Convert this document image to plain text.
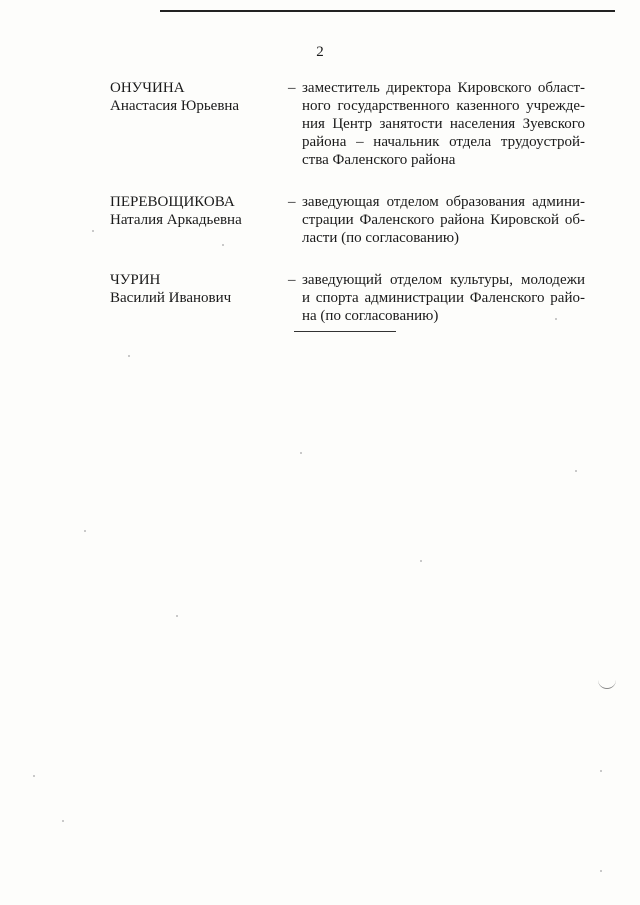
2
ОНУЧИНА
Анастасия Юрьевна
– заместитель директора Кировского област-
ного государственного казенного учрежде-
ния Центр занятости населения Зуевского
района – начальник отдела трудоустрой-
ства Фаленского района
ПЕРЕВОЩИКОВА
Наталия Аркадьевна
– заведующая отделом образования админи-
страции Фаленского района Кировской об-
ласти (по согласованию)
ЧУРИН
Василий Иванович
– заведующий отделом культуры, молодежи
и спорта администрации Фаленского райо-
на (по согласованию)
